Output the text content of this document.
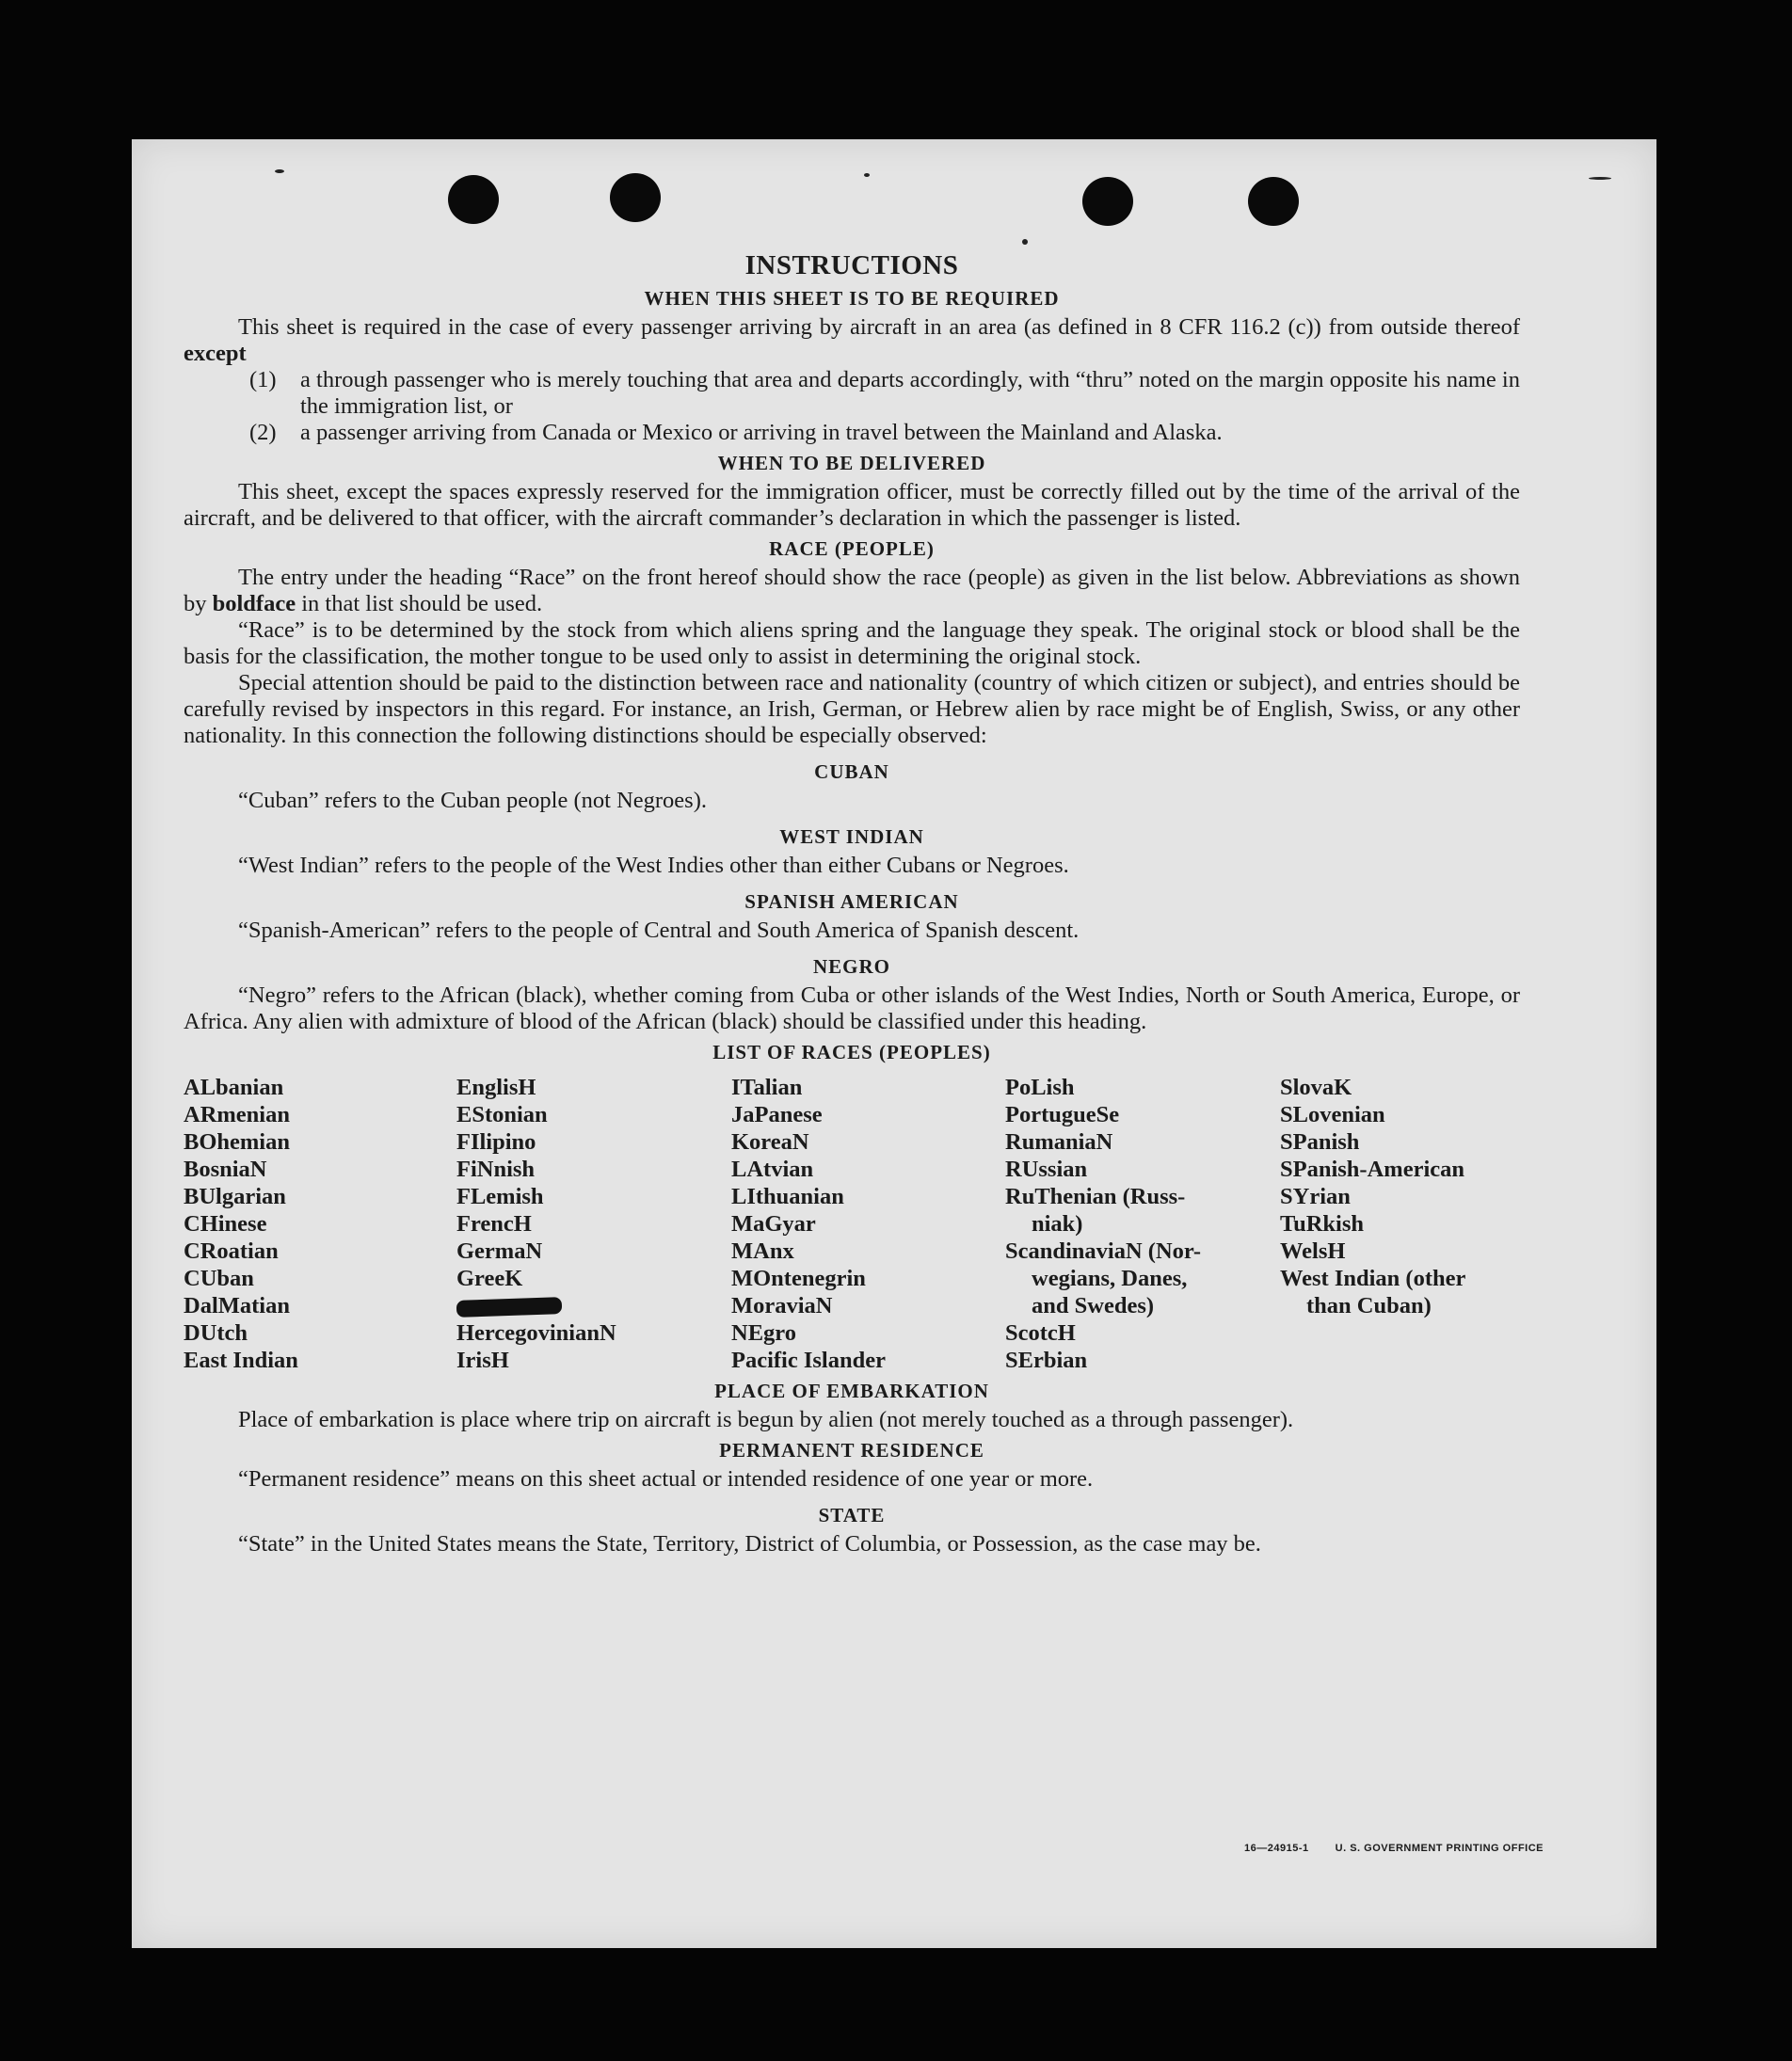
INSTRUCTIONS
WHEN THIS SHEET IS TO BE REQUIRED

This sheet is required in the case of every passenger arriving by aircraft in an area (as defined in 8 CFR 116.2 (c)) from outside thereof except

(1) a through passenger who is merely touching that area and departs accordingly, with “thru” noted on the margin opposite his name in the immigration list, or

(2) a passenger arriving from Canada or Mexico or arriving in travel between the Mainland and Alaska.

WHEN TO BE DELIVERED

This sheet, except the spaces expressly reserved for the immigration officer, must be correctly filled out by the time of the arrival of the aircraft, and be delivered to that officer, with the aircraft commander’s declaration in which the passenger is listed.

RACE (PEOPLE)

The entry under the heading “Race” on the front hereof should show the race (people) as given in the list below. Abbreviations as shown by boldface in that list should be used.

“Race” is to be determined by the stock from which aliens spring and the language they speak. The original stock or blood shall be the basis for the classification, the mother tongue to be used only to assist in determining the original stock.

Special attention should be paid to the distinction between race and nationality (country of which citizen or subject), and entries should be carefully revised by inspectors in this regard. For instance, an Irish, German, or Hebrew alien by race might be of English, Swiss, or any other nationality. In this connection the following distinctions should be especially observed:

CUBAN

“Cuban” refers to the Cuban people (not Negroes).

WEST INDIAN

“West Indian” refers to the people of the West Indies other than either Cubans or Negroes.

SPANISH AMERICAN

“Spanish-American” refers to the people of Central and South America of Spanish descent.

NEGRO

“Negro” refers to the African (black), whether coming from Cuba or other islands of the West Indies, North or South America, Europe, or Africa. Any alien with admixture of blood of the African (black) should be classified under this heading.

LIST OF RACES (PEOPLES)
ALbanian
ARmenian
BOhemian
BosniaN
BUlgarian
CHinese
CRoatian
CUban
DalMatian
DUtch
East Indian
EnglisH
EStonian
FIlipino
FiNnish
FLemish
FrencH
GermaN
GreeK
HercegovinianN
IrisH
ITalian
JaPanese
KoreaN
LAtvian
LIthuanian
MaGyar
MAnx
MOntenegrin
MoraviaN
NEgro
Pacific Islander
PoLish
PortugueSe
RumaniaN
RUssian
RuThenian (Russ-
niak)
ScandinaviaN (Nor-
wegians, Danes,
and Swedes)
ScotcH
SErbian
SlovaK
SLovenian
SPanish
SPanish-American
SYrian
TuRkish
WelsH
West Indian (other
than Cuban)
PLACE OF EMBARKATION

Place of embarkation is place where trip on aircraft is begun by alien (not merely touched as a through passenger).

PERMANENT RESIDENCE

“Permanent residence” means on this sheet actual or intended residence of one year or more.

STATE

“State” in the United States means the State, Territory, District of Columbia, or Possession, as the case may be.

16—24915-1	U. S. GOVERNMENT PRINTING OFFICE
